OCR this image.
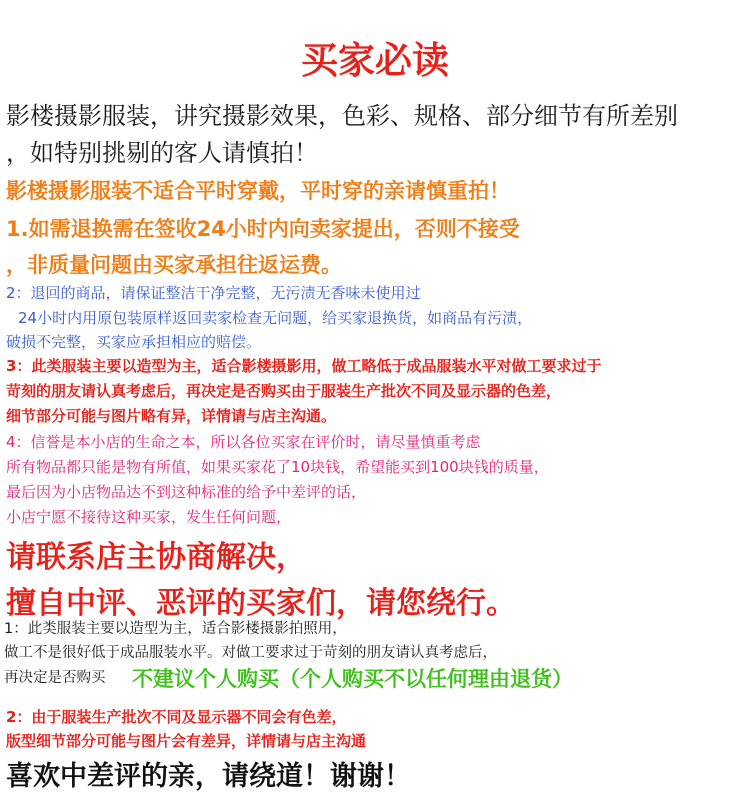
买家必读

影楼摄影服装，讲究摄影效果，色彩、规格、部分细节有所差别

，如特别挑剔的客人请慎拍！

影楼摄影服装不适合平时穿戴，平时穿的亲请慎重拍！

1.如需退换需在签收24小时内向卖家提出，否则不接受

，非质量问题由买家承担往返运费。

2：退回的商品，请保证整洁干净完整，无污渍无香味未使用过

24小时内用原包装原样返回卖家检查无问题，给买家退换货，如商品有污渍，

破损不完整，买家应承担相应的赔偿。

3：此类服装主要以造型为主，适合影楼摄影用，做工略低于成品服装水平对做工要求过于

苛刻的朋友请认真考虑后，再决定是否购买由于服装生产批次不同及显示器的色差，

细节部分可能与图片略有异，详情请与店主沟通。

4：信誉是本小店的生命之本，所以各位买家在评价时，请尽量慎重考虑

所有物品都只能是物有所值，如果买家花了10块钱，希望能买到100块钱的质量，

最后因为小店物品达不到这种标准的给予中差评的话，

小店宁愿不接待这种买家，发生任何问题，

请联系店主协商解决，

擅自中评、恶评的买家们，请您绕行。

1：此类服装主要以造型为主，适合影楼摄影拍照用，

做工不是很好低于成品服装水平。对做工要求过于苛刻的朋友请认真考虑后，

再决定是否购买 不建议个人购买（个人购买不以任何理由退货）

2：由于服装生产批次不同及显示器不同会有色差，

版型细节部分可能与图片会有差异，详情请与店主沟通

喜欢中差评的亲，请绕道！谢谢！
